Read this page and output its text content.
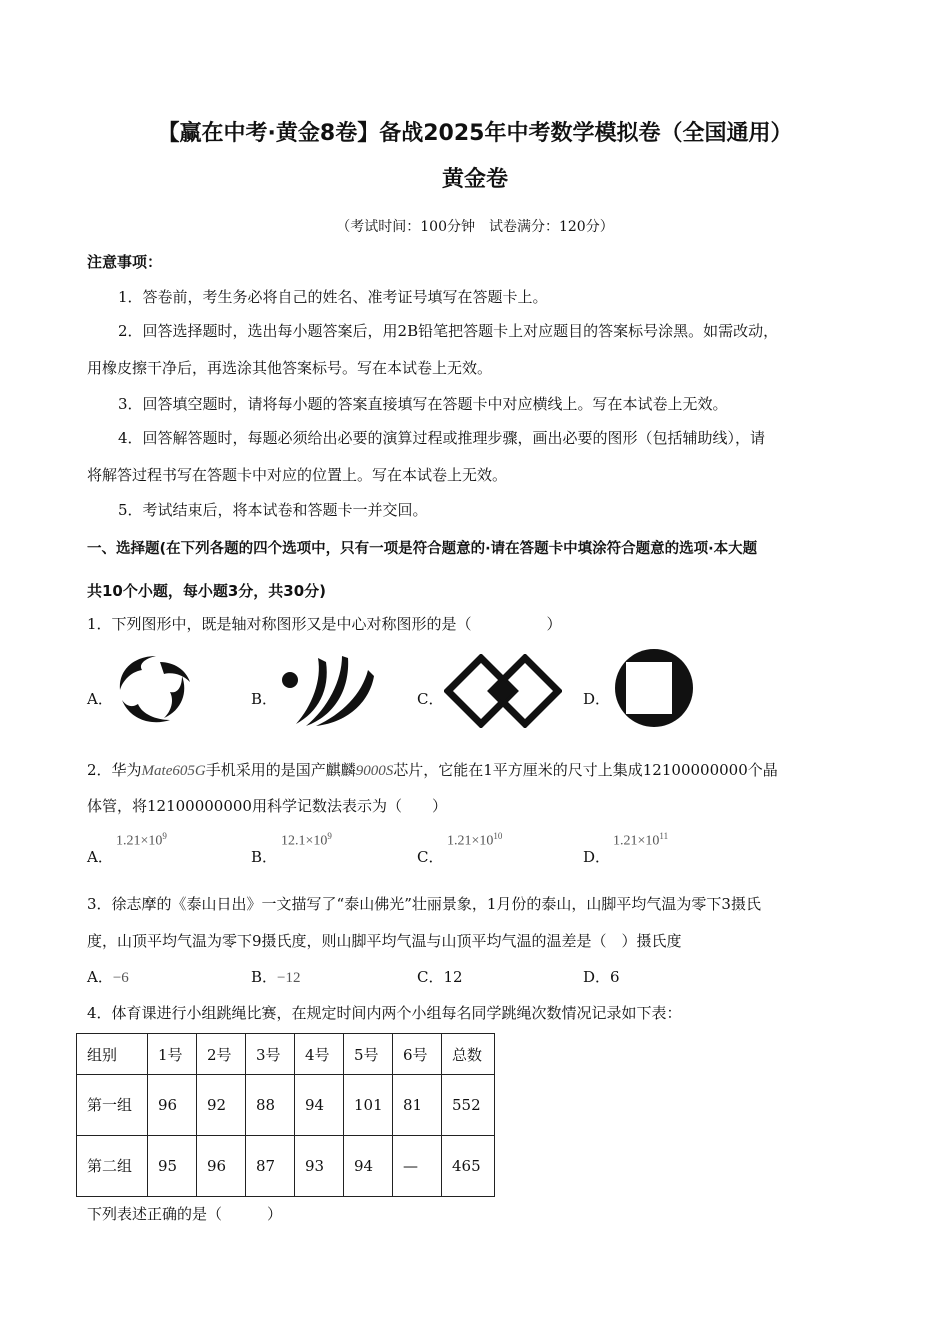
【赢在中考·黄金8卷】备战2025年中考数学模拟卷（全国通用）
黄金卷
（考试时间：100分钟　试卷满分：120分）
注意事项：
1．答卷前，考生务必将自己的姓名、准考证号填写在答题卡上。
2．回答选择题时，选出每小题答案后，用2B铅笔把答题卡上对应题目的答案标号涂黑。如需改动，
用橡皮擦干净后，再选涂其他答案标号。写在本试卷上无效。
3．回答填空题时，请将每小题的答案直接填写在答题卡中对应横线上。写在本试卷上无效。
4．回答解答题时，每题必须给出必要的演算过程或推理步骤，画出必要的图形（包括辅助线），请
将解答过程书写在答题卡中对应的位置上。写在本试卷上无效。
5．考试结束后，将本试卷和答题卡一并交回。
一、选择题(在下列各题的四个选项中，只有一项是符合题意的·请在答题卡中填涂符合题意的选项·本大题
共10个小题，每小题3分，共30分)
1．下列图形中，既是轴对称图形又是中心对称图形的是（　　　　　）
A．	B．	C．	D．
2．华为Mate605G手机采用的是国产麒麟9000S芯片，它能在1平方厘米的尺寸上集成12100000000个晶
体管，将12100000000用科学记数法表示为（　　）
A．
$1.21\times 10^9$
B．
$12.1\times 10^9$
C．
$1.21\times 10^{10}$
D．
$1.21\times 10^{11}$
3．徐志摩的《泰山日出》一文描写了“泰山佛光”壮丽景象，1月份的泰山，山脚平均气温为零下3摄氏
度，山顶平均气温为零下9摄氏度，则山脚平均气温与山顶平均气温的温差是（　）摄氏度
A．−6	B．−12	C．12	D．6
4．体育课进行小组跳绳比赛，在规定时间内两个小组每名同学跳绳次数情况记录如下表：
组别	1号	2号	3号	4号	5号	6号	总数
第一组	96	92	88	94	101	81	552
第二组	95	96	87	93	94	—	465
下列表述正确的是（　　　）
